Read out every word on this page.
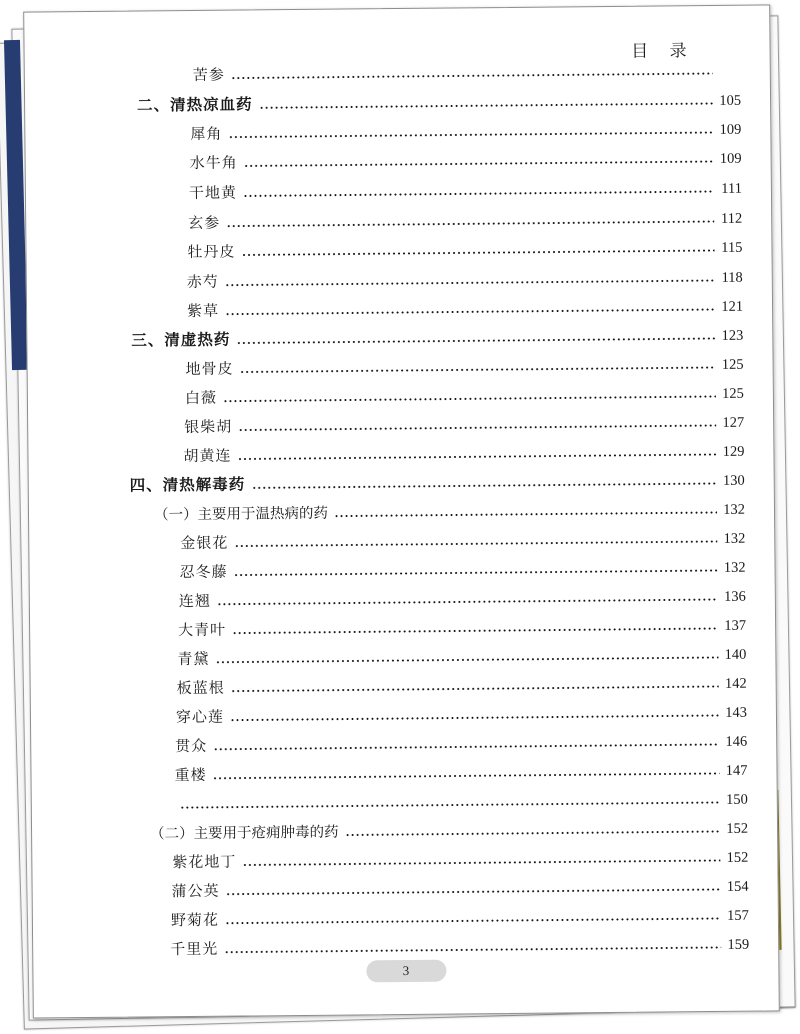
目 录
苦参
二、清热凉血药	105
犀角	109
水牛角	109
干地黄	111
玄参	112
牡丹皮	115
赤芍	118
紫草	121
三、清虚热药	123
地骨皮	125
白薇	125
银柴胡	127
胡黄连	129
四、清热解毒药	130
（一）主要用于温热病的药	132
金银花	132
忍冬藤	132
连翘	136
大青叶	137
青黛	140
板蓝根	142
穿心莲	143
贯众	146
重楼	147
150
（二）主要用于疮痈肿毒的药	152
紫花地丁	152
蒲公英	154
野菊花	157
千里光	159
3
